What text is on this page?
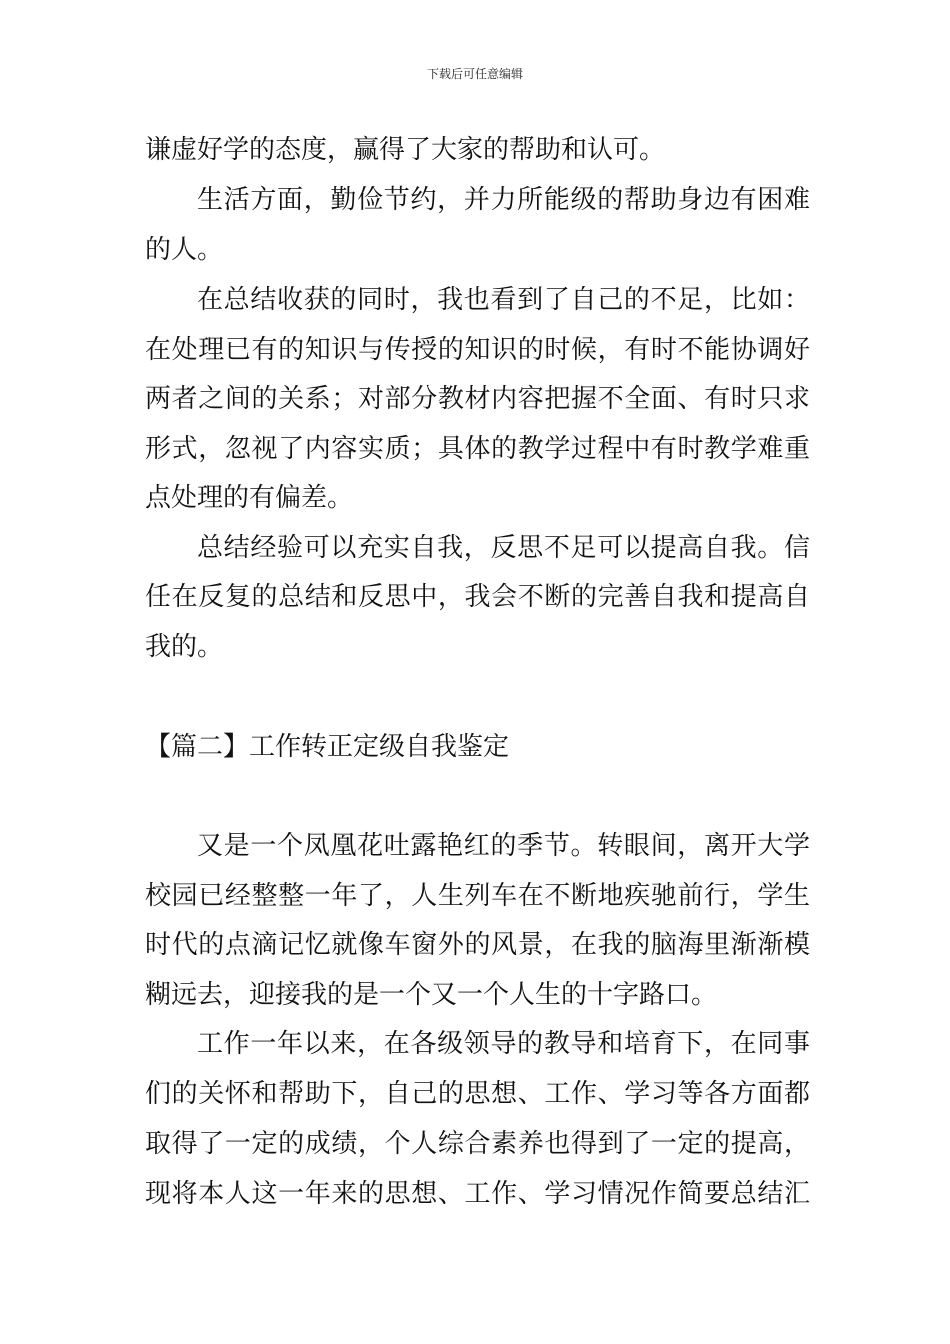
下载后可任意编辑
谦虚好学的态度，赢得了大家的帮助和认可。
生活方面，勤俭节约，并力所能级的帮助身边有困难
的人。
在总结收获的同时，我也看到了自己的不足，比如：
在处理已有的知识与传授的知识的时候，有时不能协调好
两者之间的关系；对部分教材内容把握不全面、有时只求
形式，忽视了内容实质；具体的教学过程中有时教学难重
点处理的有偏差。
总结经验可以充实自我，反思不足可以提高自我。信
任在反复的总结和反思中，我会不断的完善自我和提高自
我的。
【篇二】工作转正定级自我鉴定
又是一个凤凰花吐露艳红的季节。转眼间，离开大学
校园已经整整一年了，人生列车在不断地疾驰前行，学生
时代的点滴记忆就像车窗外的风景，在我的脑海里渐渐模
糊远去，迎接我的是一个又一个人生的十字路口。
工作一年以来，在各级领导的教导和培育下，在同事
们的关怀和帮助下，自己的思想、工作、学习等各方面都
取得了一定的成绩，个人综合素养也得到了一定的提高，
现将本人这一年来的思想、工作、学习情况作简要总结汇
